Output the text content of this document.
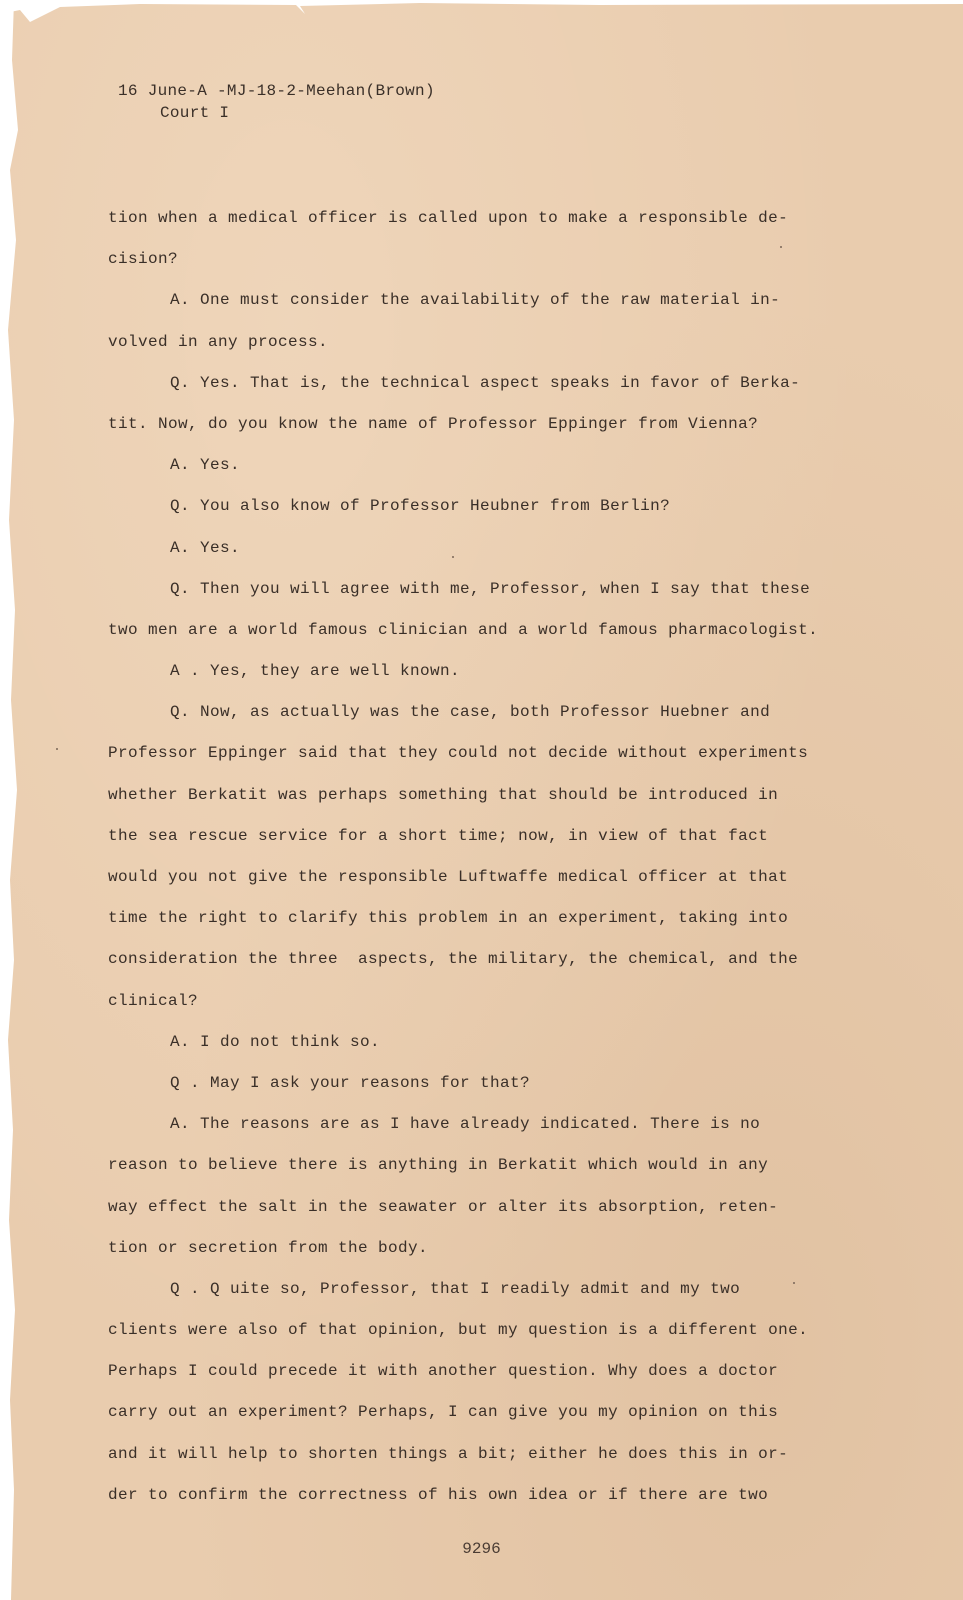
16 June-A -MJ-18-2-Meehan(Brown)
Court I
tion when a medical officer is called upon to make a responsible de-
cision?
A. One must consider the availability of the raw material in-
volved in any process.
Q. Yes. That is, the technical aspect speaks in favor of Berka-
tit. Now, do you know the name of Professor Eppinger from Vienna?
A. Yes.
Q. You also know of Professor Heubner from Berlin?
A. Yes.
Q. Then you will agree with me, Professor, when I say that these
two men are a world famous clinician and a world famous pharmacologist.
A . Yes, they are well known.
Q. Now, as actually was the case, both Professor Huebner and
Professor Eppinger said that they could not decide without experiments
whether Berkatit was perhaps something that should be introduced in
the sea rescue service for a short time; now, in view of that fact
would you not give the responsible Luftwaffe medical officer at that
time the right to clarify this problem in an experiment, taking into
consideration the three  aspects, the military, the chemical, and the
clinical?
A. I do not think so.
Q . May I ask your reasons for that?
A. The reasons are as I have already indicated. There is no
reason to believe there is anything in Berkatit which would in any
way effect the salt in the seawater or alter its absorption, reten-
tion or secretion from the body.
Q . Q uite so, Professor, that I readily admit and my two
clients were also of that opinion, but my question is a different one.
Perhaps I could precede it with another question. Why does a doctor
carry out an experiment? Perhaps, I can give you my opinion on this
and it will help to shorten things a bit; either he does this in or-
der to confirm the correctness of his own idea or if there are two
9296
